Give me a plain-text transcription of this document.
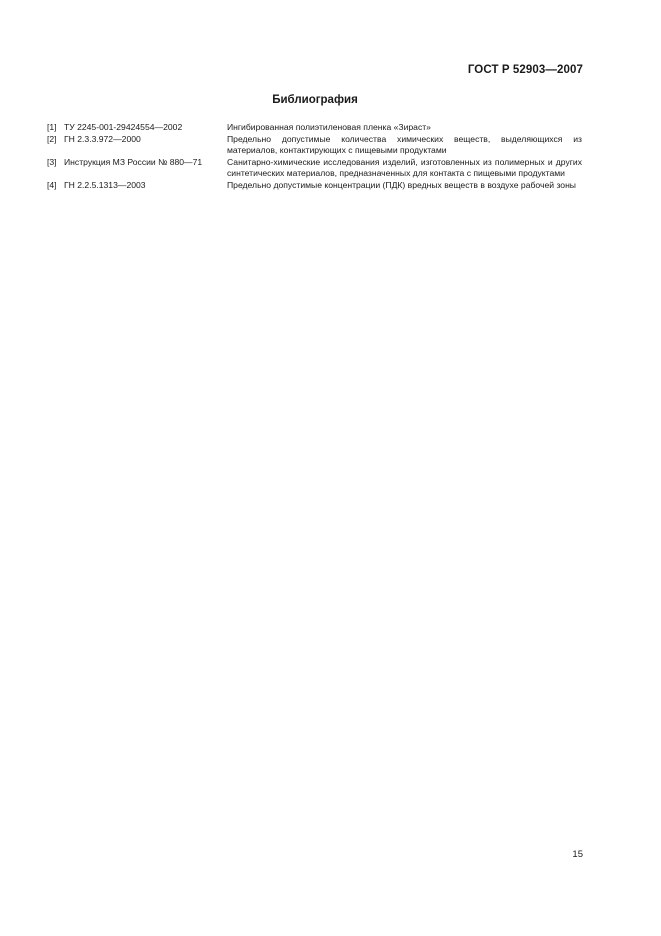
ГОСТ Р 52903—2007
Библиография
[1] ТУ 2245-001-29424554—2002	Ингибированная полиэтиленовая пленка «Зираст»
[2] ГН 2.3.3.972—2000	Предельно допустимые количества химических веществ, выделяющихся из материалов, контактирующих с пищевыми продуктами
[3] Инструкция МЗ России № 880—71	Санитарно-химические исследования изделий, изготовленных из полимерных и других синтетических материалов, предназначенных для контакта с пищевыми продуктами
[4] ГН 2.2.5.1313—2003	Предельно допустимые концентрации (ПДК) вредных веществ в воздухе рабочей зоны
15
